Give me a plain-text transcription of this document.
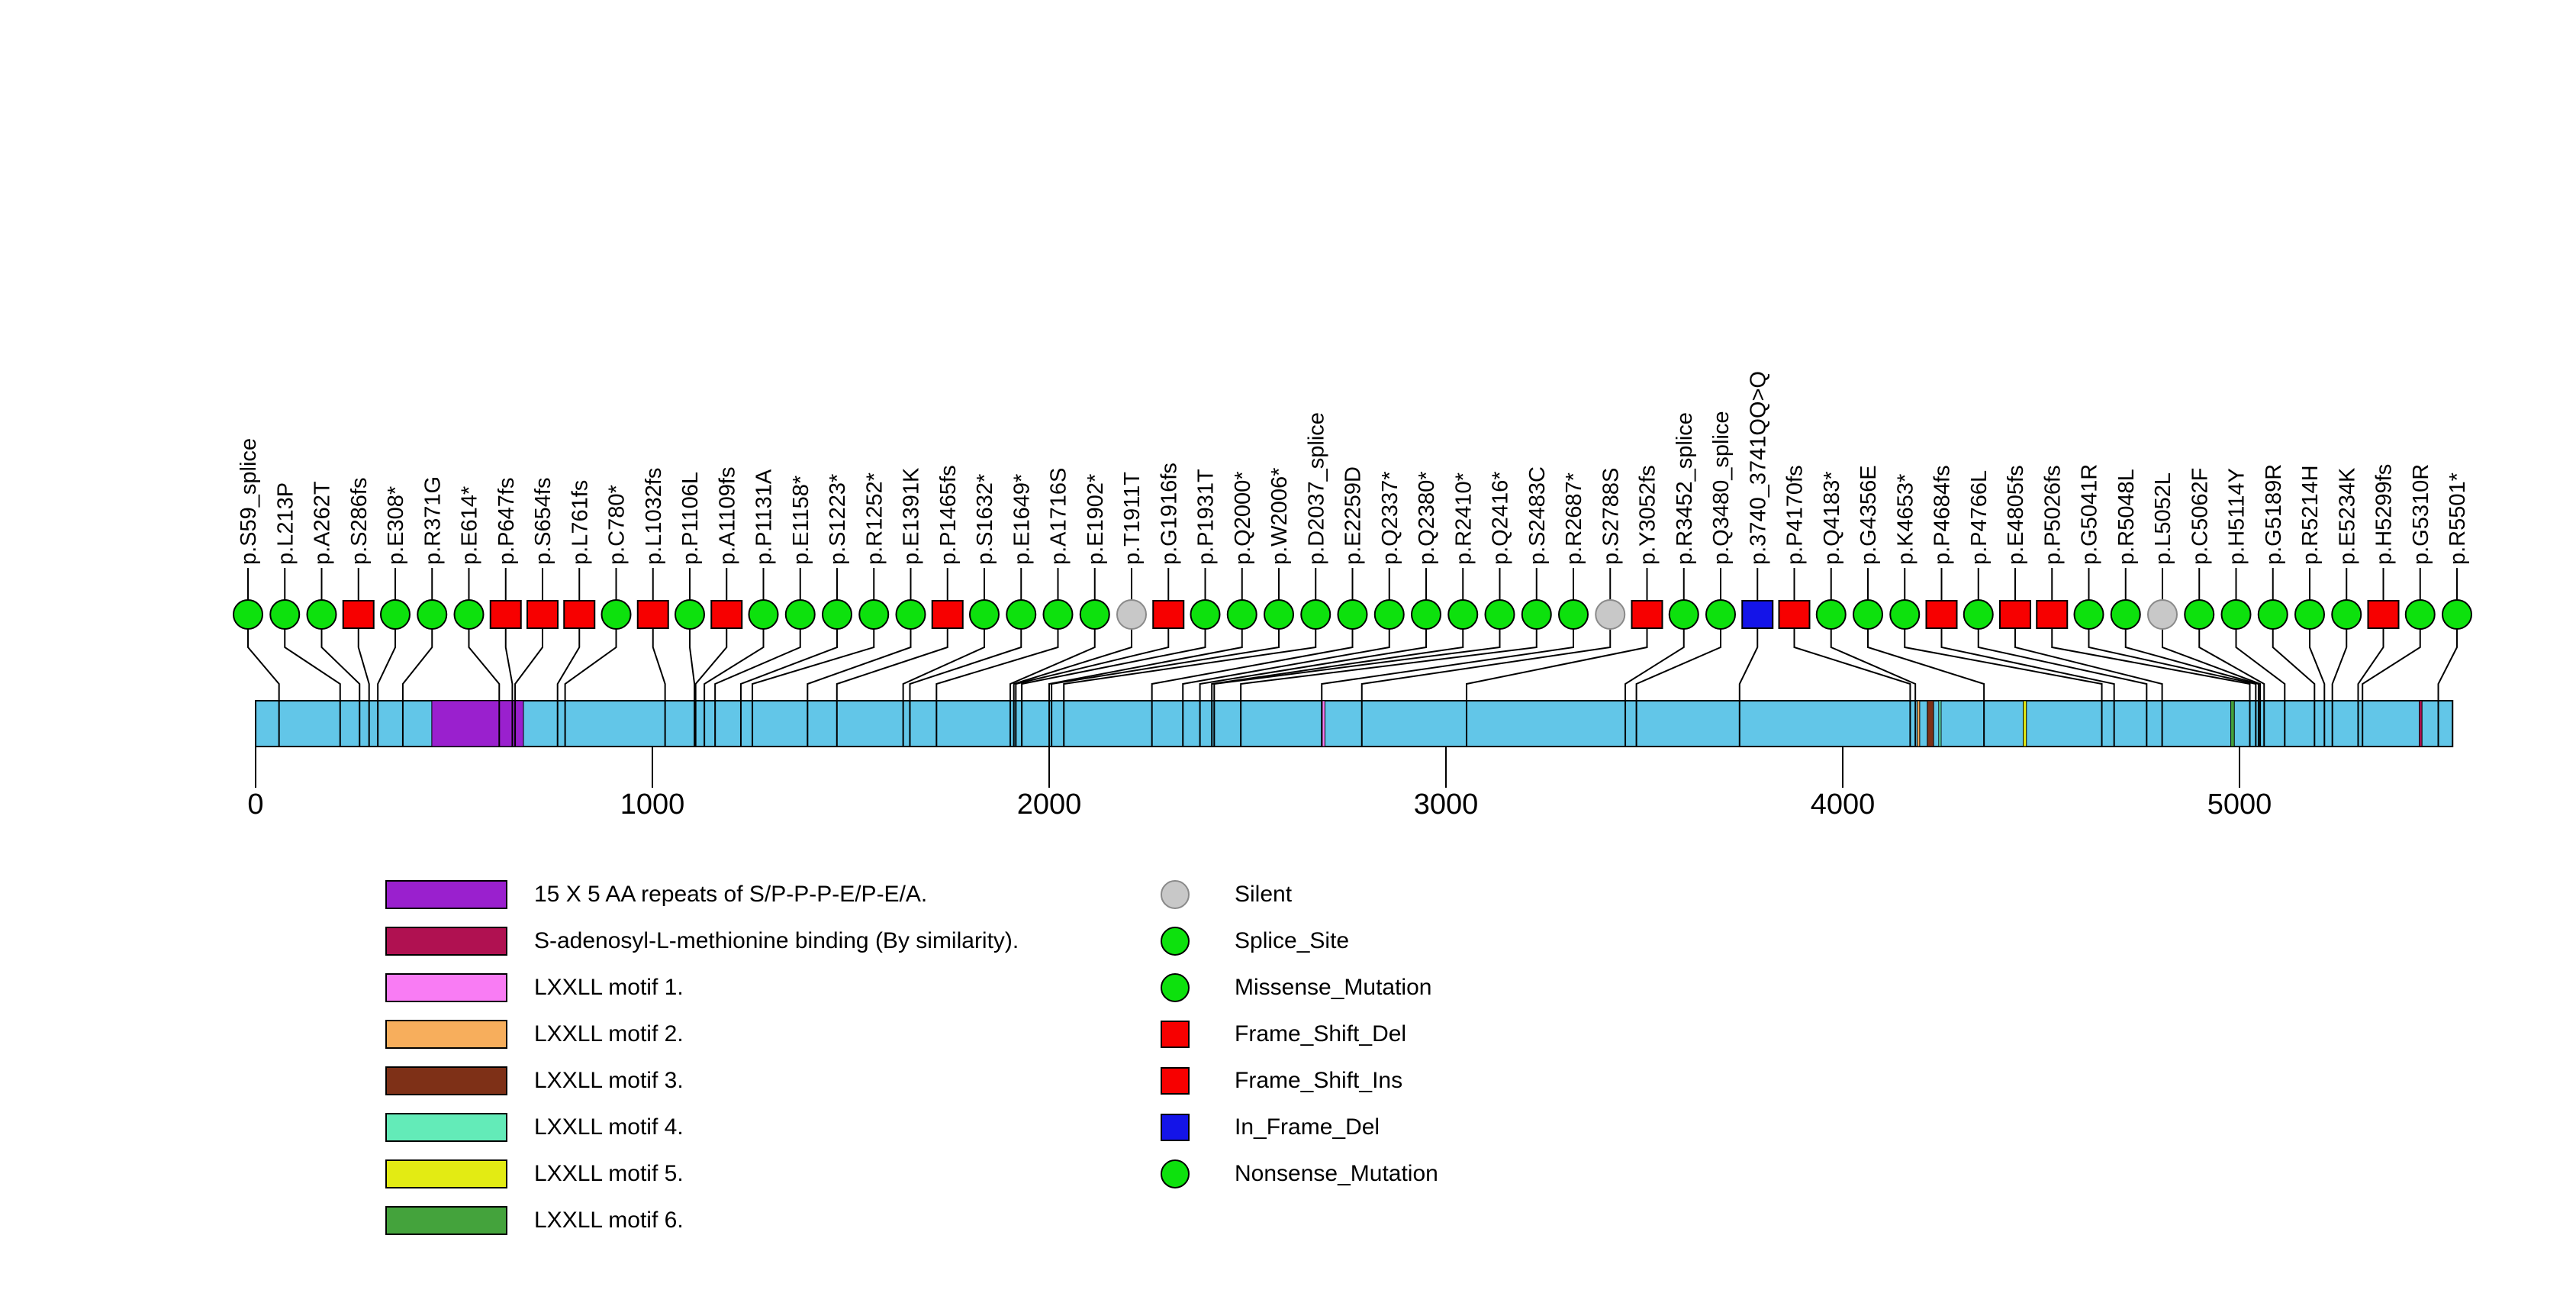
0	1000	2000	3000	4000	5000
p.S59_splice p.L213P p.A262T p.S286fs p.E308* p.R371G p.E614* p.P647fs p.S654fs p.L761fs p.C780* p.L1032fs p.P1106L p.A1109fs p.P1131A p.E1158* p.S1223* p.R1252* p.E1391K p.P1465fs p.S1632* p.E1649* p.A1716S p.E1902* p.T1911T p.G1916fs p.P1931T p.Q2000* p.W2006* p.D2037_splice p.E2259D p.Q2337* p.Q2380* p.R2410* p.Q2416* p.S2483C p.R2687* p.S2788S p.Y3052fs p.R3452_splice p.Q3480_splice p.3740_3741QQ>Q p.P4170fs p.Q4183* p.G4356E p.K4653* p.P4684fs p.P4766L p.E4805fs p.P5026fs p.G5041R p.R5048L p.L5052L p.C5062F p.H5114Y p.G5189R p.R5214H p.E5234K p.H5299fs p.G5310R p.R5501*
15 X 5 AA repeats of S/P-P-P-E/P-E/A.
S-adenosyl-L-methionine binding (By similarity).
LXXLL motif 1.
LXXLL motif 2.
LXXLL motif 3.
LXXLL motif 4.
LXXLL motif 5.
LXXLL motif 6.
Silent
Splice_Site
Missense_Mutation
Frame_Shift_Del
Frame_Shift_Ins
In_Frame_Del
Nonsense_Mutation
